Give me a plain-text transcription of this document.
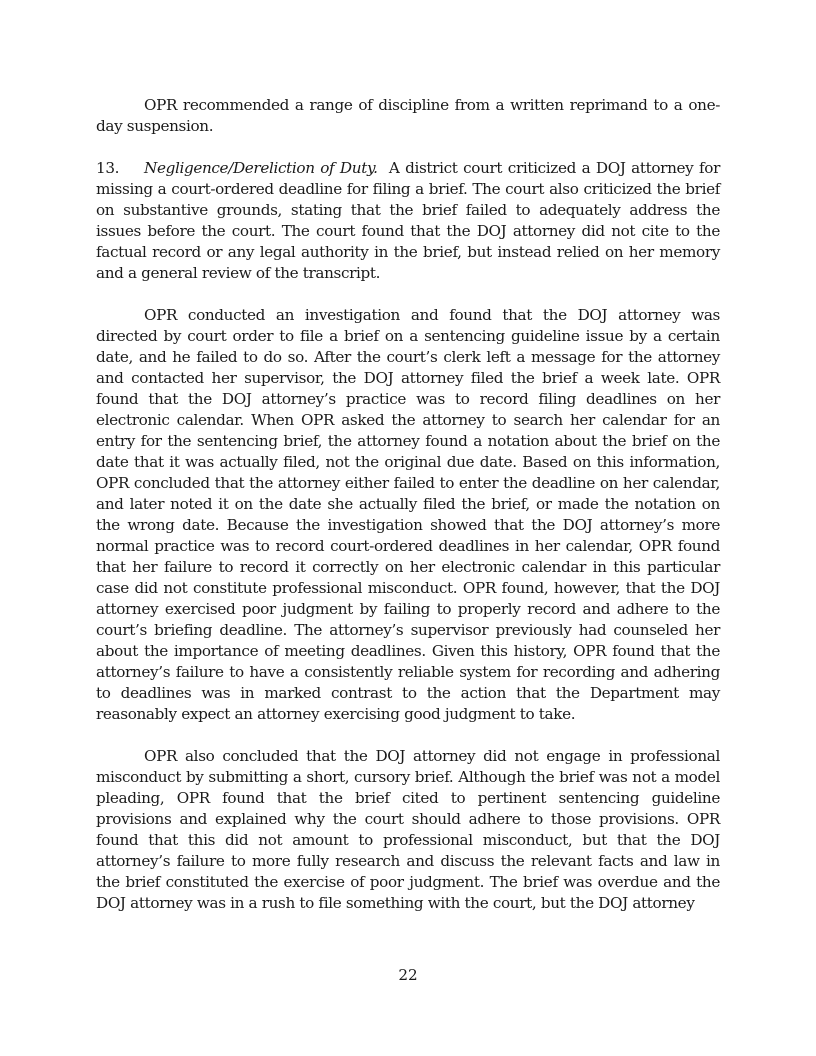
OPR recommended a range of discipline from a written reprimand to a one-day suspension.

13. Negligence/Dereliction of Duty. A district court criticized a DOJ attorney for missing a court-ordered deadline for filing a brief. The court also criticized the brief on substantive grounds, stating that the brief failed to adequately address the issues before the court. The court found that the DOJ attorney did not cite to the factual record or any legal authority in the brief, but instead relied on her memory and a general review of the transcript.

OPR conducted an investigation and found that the DOJ attorney was directed by court order to file a brief on a sentencing guideline issue by a certain date, and he failed to do so. After the court’s clerk left a message for the attorney and contacted her supervisor, the DOJ attorney filed the brief a week late. OPR found that the DOJ attorney’s practice was to record filing deadlines on her electronic calendar. When OPR asked the attorney to search her calendar for an entry for the sentencing brief, the attorney found a notation about the brief on the date that it was actually filed, not the original due date. Based on this information, OPR concluded that the attorney either failed to enter the deadline on her calendar, and later noted it on the date she actually filed the brief, or made the notation on the wrong date. Because the investigation showed that the DOJ attorney’s more normal practice was to record court-ordered deadlines in her calendar, OPR found that her failure to record it correctly on her electronic calendar in this particular case did not constitute professional misconduct. OPR found, however, that the DOJ attorney exercised poor judgment by failing to properly record and adhere to the court’s briefing deadline. The attorney’s supervisor previously had counseled her about the importance of meeting deadlines. Given this history, OPR found that the attorney’s failure to have a consistently reliable system for recording and adhering to deadlines was in marked contrast to the action that the Department may reasonably expect an attorney exercising good judgment to take.

OPR also concluded that the DOJ attorney did not engage in professional misconduct by submitting a short, cursory brief. Although the brief was not a model pleading, OPR found that the brief cited to pertinent sentencing guideline provisions and explained why the court should adhere to those provisions. OPR found that this did not amount to professional misconduct, but that the DOJ attorney’s failure to more fully research and discuss the relevant facts and law in the brief constituted the exercise of poor judgment. The brief was overdue and the DOJ attorney was in a rush to file something with the court, but the DOJ attorney

22
